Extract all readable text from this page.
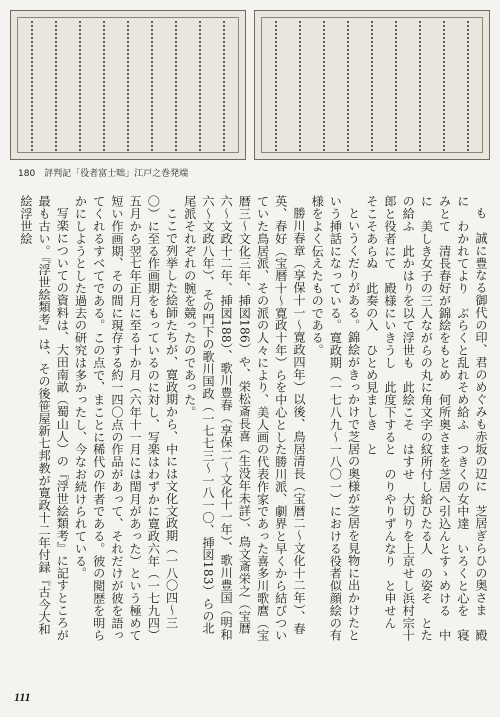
180　評判記「役者富士咄」江戸之巻発端

も　誠に豊なる御代の印、君のめぐみも赤坂の辺に　芝居ぎらひの奥さま　殿に　わかれてより　ぶらくと乱れそめ給ふ　つきくの女中達　いろくと心を　寝みとて　清長春好が錦絵をもとめ　何所奥さまを芝居へ引込んとすゝめける　中に　美しき女子の三人ながらの丸に角文字の紋所付し給ひたる人　の姿そ　とたの給ふ　此かはりを以て浮世も　此絵こそ　はすせ　大切りを上京せし浜村宗十郎と役者にて　殿様にいきうし　此度下すると　のりやりずんなり　と申せん　そこそあらぬ　此奏の入　ひとめ見ましき　と

というくだりがある。錦絵がきっかけで芝居の奥様が芝居を見物に出かけたという挿話になっている。寛政期（一七八九〜一八〇一）における役者似顔絵の有様をよく伝えたものである。

勝川春章（享保十一〜寛政四年）以後、鳥居清長（宝暦二〜文化十二年）、春英、春好（宝暦十〜寛政十年）らを中心とした勝川派、劇界と早くから結びついていた鳥居派、その派の人々により、美人画の代表作家であった喜多川歌麿（宝暦三〜文化三年、挿図186）や、栄松斎長喜（生没年未詳）、鳥文斎栄之（宝暦六〜文政十二年、挿図188）、歌川豊春（享保二〜文化十一年）、歌川豊国（明和六〜文政八年）、その門下の歌川国政（一七七三〜一八一〇、挿図183）らの北尾派それぞれの腕を競ったのであった。

ここで列挙した絵師たちが、寛政期から、中には文化文政期（一八〇四〜三〇）に至る作画期をもっているのに対し、写楽はわずかに寛政六年（一七九四）五月から翌七年正月に至る十か月（六年十一月には閏月があった）という極めて短い作画期、その間に現存する約一四〇点の作品があって、それだけが彼を語ってくれるすべてである。この点で、まことに稀代の作者である。彼の閲歴を明らかにしようとした過去の研究は多かったし、今なお続けられている。

写楽についての資料は、大田南畝（蜀山人）の『浮世絵類考』に記すところが最も古い。『浮世絵類考』は、その後笹屋新七邦教が寛政十二年付録『古今大和絵浮世絵

111
